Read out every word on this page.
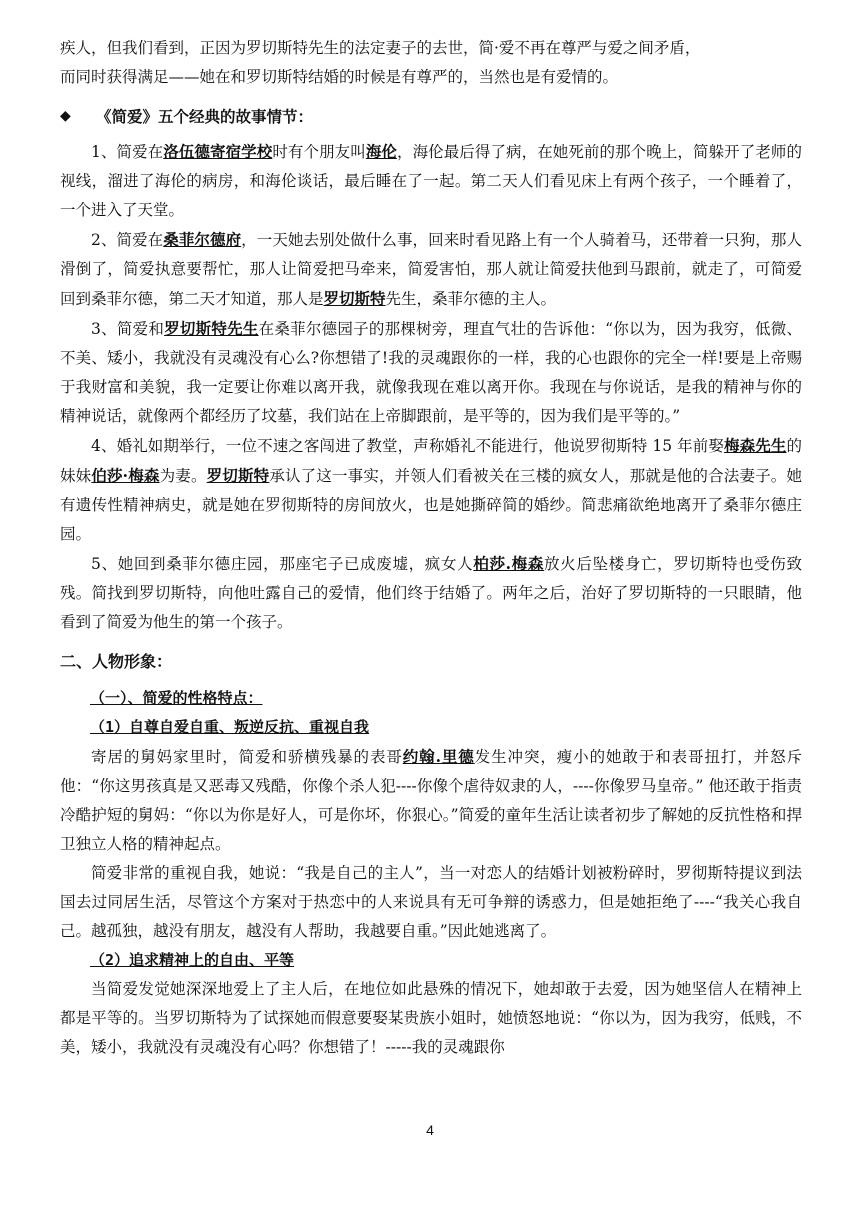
疾人，但我们看到，正因为罗切斯特先生的法定妻子的去世，简·爱不再在尊严与爱之间矛盾，
而同时获得满足——她在和罗切斯特结婚的时候是有尊严的，当然也是有爱情的。

◆	《简爱》五个经典的故事情节：

1、简爱在洛伍德寄宿学校时有个朋友叫海伦，海伦最后得了病，在她死前的那个晚上，简躲开了老师的视线，溜进了海伦的病房，和海伦谈话，最后睡在了一起。第二天人们看见床上有两个孩子，一个睡着了，一个进入了天堂。

2、简爱在桑菲尔德府，一天她去别处做什么事，回来时看见路上有一个人骑着马，还带着一只狗，那人滑倒了，简爱执意要帮忙，那人让简爱把马牵来，简爱害怕，那人就让简爱扶他到马跟前，就走了，可简爱回到桑菲尔德，第二天才知道，那人是罗切斯特先生，桑菲尔德的主人。

3、简爱和罗切斯特先生在桑菲尔德园子的那棵树旁，理直气壮的告诉他：“你以为，因为我穷，低微、不美、矮小，我就没有灵魂没有心么?你想错了!我的灵魂跟你的一样，我的心也跟你的完全一样!要是上帝赐于我财富和美貌，我一定要让你难以离开我，就像我现在难以离开你。我现在与你说话，是我的精神与你的精神说话，就像两个都经历了坟墓，我们站在上帝脚跟前，是平等的，因为我们是平等的。”

4、婚礼如期举行，一位不速之客闯进了教堂，声称婚礼不能进行，他说罗彻斯特 15 年前娶梅森先生的妹妹伯莎·梅森为妻。罗切斯特承认了这一事实，并领人们看被关在三楼的疯女人，那就是他的合法妻子。她有遗传性精神病史，就是她在罗彻斯特的房间放火，也是她撕碎简的婚纱。简悲痛欲绝地离开了桑菲尔德庄园。

5、她回到桑菲尔德庄园，那座宅子已成废墟，疯女人柏莎.梅森放火后坠楼身亡，罗切斯特也受伤致残。简找到罗切斯特，向他吐露自己的爱情，他们终于结婚了。两年之后，治好了罗切斯特的一只眼睛，他看到了简爱为他生的第一个孩子。

二、人物形象：
（一）、简爱的性格特点：
（1）自尊自爱自重、叛逆反抗、重视自我

寄居的舅妈家里时，简爱和骄横残暴的表哥约翰.里德发生冲突，瘦小的她敢于和表哥扭打，并怒斥他：“你这男孩真是又恶毒又残酷，你像个杀人犯----你像个虐待奴隶的人，----你像罗马皇帝。” 他还敢于指责冷酷护短的舅妈：“你以为你是好人，可是你坏，你狠心。”简爱的童年生活让读者初步了解她的反抗性格和捍卫独立人格的精神起点。

简爱非常的重视自我，她说：“我是自己的主人”，当一对恋人的结婚计划被粉碎时，罗彻斯特提议到法国去过同居生活，尽管这个方案对于热恋中的人来说具有无可争辩的诱惑力，但是她拒绝了----“我关心我自己。越孤独，越没有朋友，越没有人帮助，我越要自重。”因此她逃离了。

（2）追求精神上的自由、平等

当简爱发觉她深深地爱上了主人后，在地位如此悬殊的情况下，她却敢于去爱，因为她坚信人在精神上都是平等的。当罗切斯特为了试探她而假意要娶某贵族小姐时，她愤怒地说：“你以为，因为我穷，低贱，不美，矮小，我就没有灵魂没有心吗？你想错了！-----我的灵魂跟你

4
